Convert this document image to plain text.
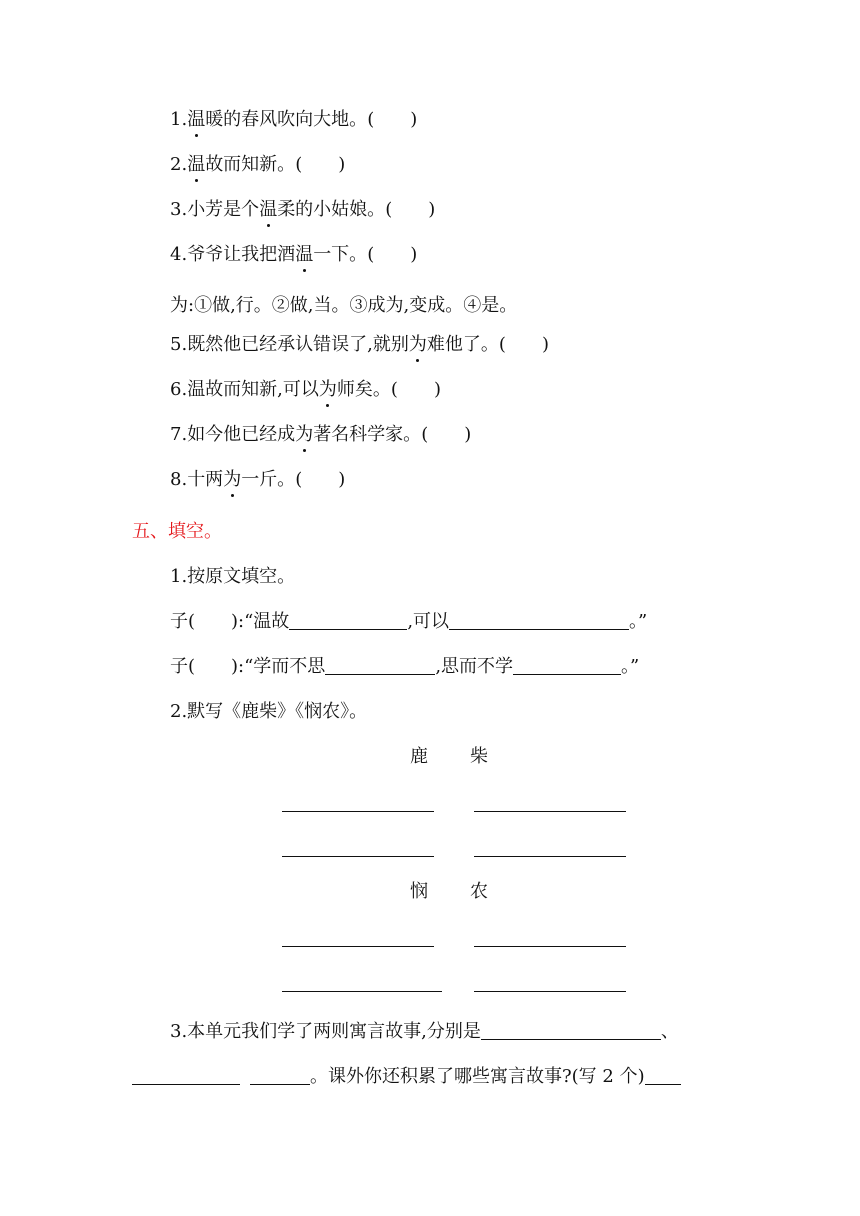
1.温暖的春风吹向大地。(　　)
2.温故而知新。(　　)
3.小芳是个温柔的小姑娘。(　　)
4.爷爷让我把酒温一下。(　　)
为:①做,行。②做,当。③成为,变成。④是。
5.既然他已经承认错误了,就别为难他了。(　　)
6.温故而知新,可以为师矣。(　　)
7.如今他已经成为著名科学家。(　　)
8.十两为一斤。(　　)
五、填空。
1.按原文填空。
子(　　):“温故	,可以	。”
子(　　):“学而不思	,思而不学	。”
2.默写《鹿柴》《悯农》。
鹿 柴
悯 农
3.本单元我们学了两则寓言故事,分别是	、
。课外你还积累了哪些寓言故事?(写 2 个)
